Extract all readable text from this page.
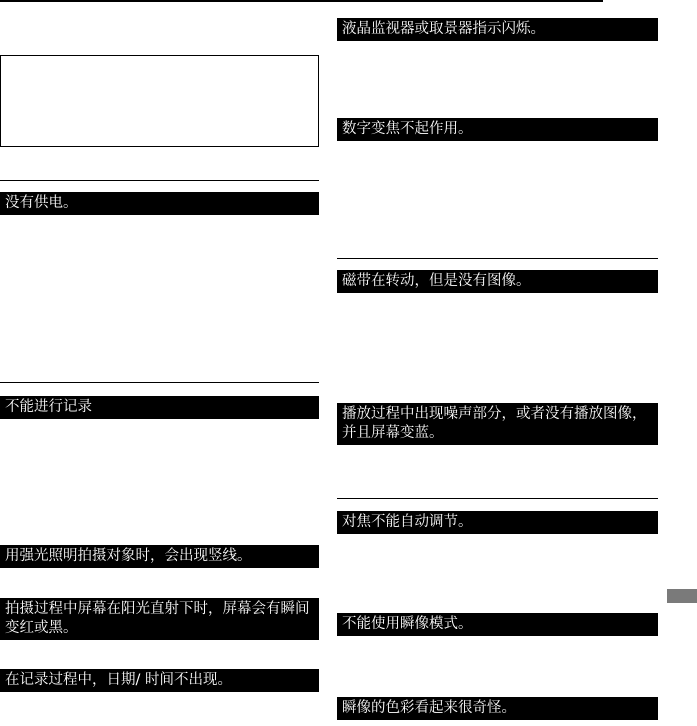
没有供电。
不能进行记录
用强光照明拍摄对象时，会出现竖线。
拍摄过程中屏幕在阳光直射下时，屏幕会有瞬间变红或黑。
在记录过程中，日期/ 时间不出现。
液晶监视器或取景器指示闪烁。
数字变焦不起作用。
磁带在转动，但是没有图像。
播放过程中出现噪声部分，或者没有播放图像，并且屏幕变蓝。
对焦不能自动调节。
不能使用瞬像模式。
瞬像的色彩看起来很奇怪。
